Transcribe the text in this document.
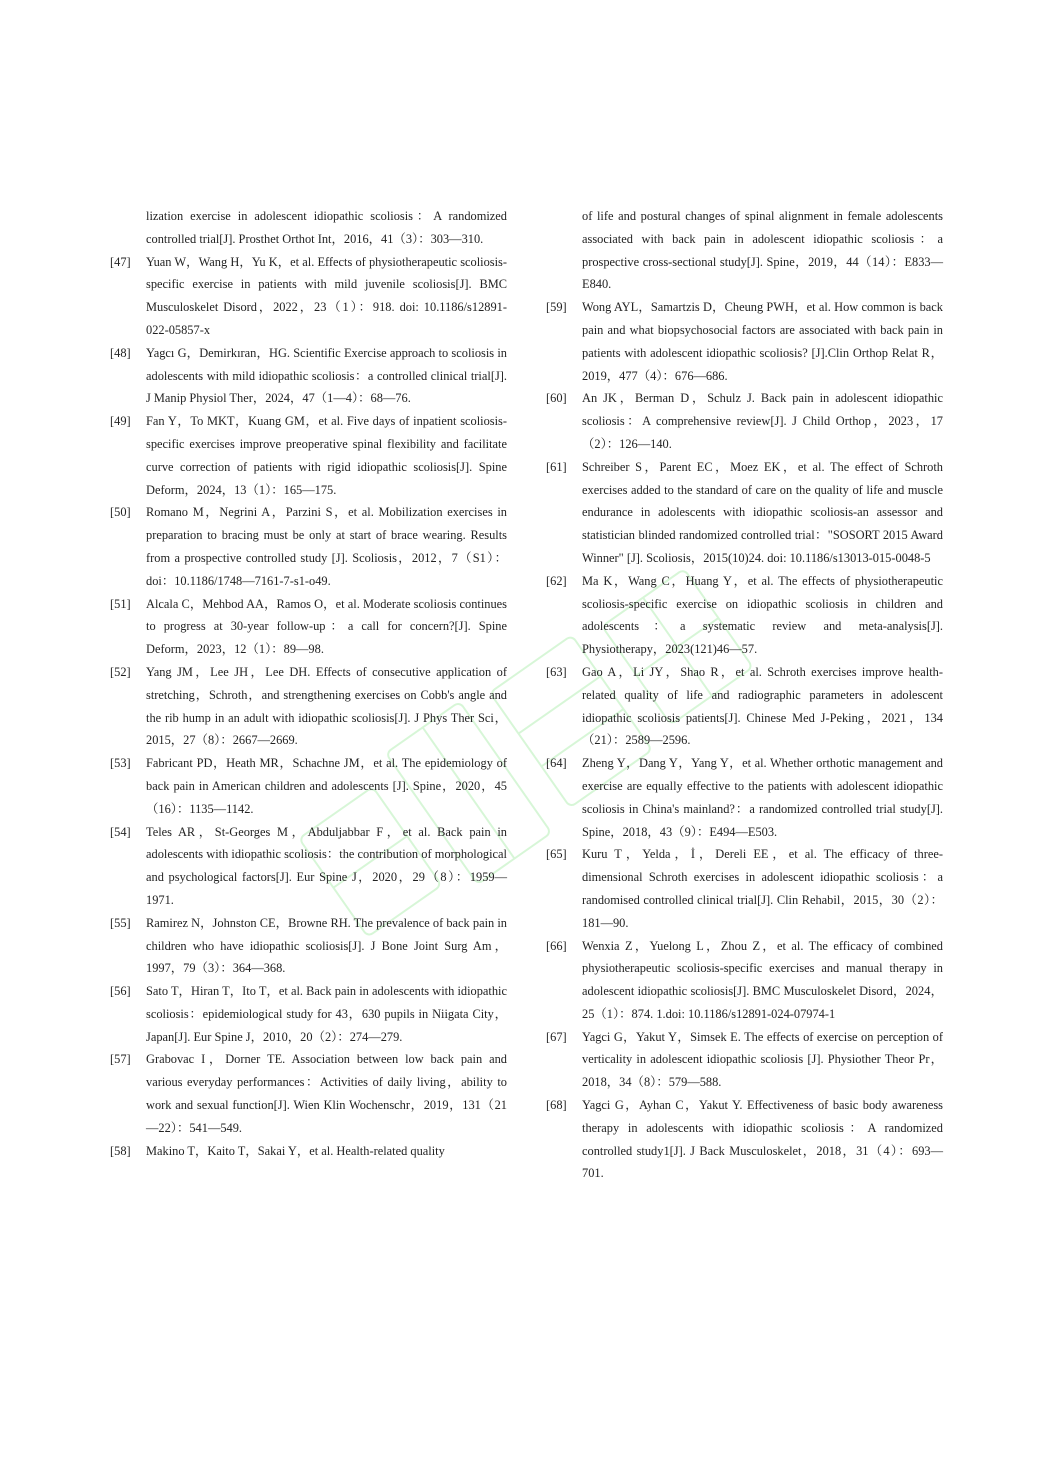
lization exercise in adolescent idiopathic scoliosis：A randomized controlled trial[J]. Prosthet Orthot Int，2016，41（3）：303—310.

[47] Yuan W，Wang H，Yu K，et al. Effects of physiotherapeutic scoliosis-specific exercise in patients with mild juvenile scoliosis[J]. BMC Musculoskelet Disord，2022，23（1）：918. doi: 10.1186/s12891-022-05857-x

[48] Yagcı G，Demirkıran，HG. Scientific Exercise approach to scoliosis in adolescents with mild idiopathic scoliosis：a controlled clinical trial[J]. J Manip Physiol Ther，2024，47（1—4）：68—76.

[49] Fan Y，To MKT，Kuang GM，et al. Five days of inpatient scoliosis-specific exercises improve preoperative spinal flexibility and facilitate curve correction of patients with rigid idiopathic scoliosis[J]. Spine Deform，2024，13（1）：165—175.

[50] Romano M，Negrini A，Parzini S，et al. Mobilization exercises in preparation to bracing must be only at start of brace wearing. Results from a prospective controlled study [J]. Scoliosis，2012，7（S1）：doi：10.1186/1748—7161-7-s1-o49.

[51] Alcala C，Mehbod AA，Ramos O，et al. Moderate scoliosis continues to progress at 30-year follow-up：a call for concern?[J]. Spine Deform，2023，12（1）：89—98.

[52] Yang JM，Lee JH，Lee DH. Effects of consecutive application of stretching，Schroth，and strengthening exercises on Cobb's angle and the rib hump in an adult with idiopathic scoliosis[J]. J Phys Ther Sci，2015，27（8）：2667—2669.

[53] Fabricant PD，Heath MR，Schachne JM，et al. The epidemiology of back pain in American children and adolescents [J]. Spine，2020，45（16）：1135—1142.

[54] Teles AR，St-Georges M，Abduljabbar F，et al. Back pain in adolescents with idiopathic scoliosis：the contribution of morphological and psychological factors[J]. Eur Spine J，2020，29（8）：1959—1971.

[55] Ramirez N，Johnston CE，Browne RH. The prevalence of back pain in children who have idiopathic scoliosis[J]. J Bone Joint Surg Am，1997，79（3）：364—368.

[56] Sato T，Hiran T，Ito T，et al. Back pain in adolescents with idiopathic scoliosis：epidemiological study for 43，630 pupils in Niigata City，Japan[J]. Eur Spine J，2010，20（2）：274—279.

[57] Grabovac I，Dorner TE. Association between low back pain and various everyday performances：Activities of daily living，ability to work and sexual function[J]. Wien Klin Wochenschr，2019，131（21—22）：541—549.

[58] Makino T，Kaito T，Sakai Y，et al. Health-related quality

of life and postural changes of spinal alignment in female adolescents associated with back pain in adolescent idiopathic scoliosis：a prospective cross-sectional study[J]. Spine，2019，44（14）：E833—E840.

[59] Wong AYL，Samartzis D，Cheung PWH，et al. How common is back pain and what biopsychosocial factors are associated with back pain in patients with adolescent idiopathic scoliosis? [J].Clin Orthop Relat R，2019，477（4）：676—686.

[60] An JK，Berman D，Schulz J. Back pain in adolescent idiopathic scoliosis：A comprehensive review[J]. J Child Orthop，2023，17（2）：126—140.

[61] Schreiber S，Parent EC，Moez EK，et al. The effect of Schroth exercises added to the standard of care on the quality of life and muscle endurance in adolescents with idiopathic scoliosis-an assessor and statistician blinded randomized controlled trial："SOSORT 2015 Award Winner" [J]. Scoliosis，2015(10)24. doi: 10.1186/s13013-015-0048-5

[62] Ma K，Wang C，Huang Y，et al. The effects of physiotherapeutic scoliosis-specific exercise on idiopathic scoliosis in children and adolescents：a systematic review and meta-analysis[J]. Physiotherapy，2023(121)46—57.

[63] Gao A，Li JY，Shao R，et al. Schroth exercises improve health-related quality of life and radiographic parameters in adolescent idiopathic scoliosis patients[J]. Chinese Med J-Peking，2021，134（21）：2589—2596.

[64] Zheng Y，Dang Y，Yang Y，et al. Whether orthotic management and exercise are equally effective to the patients with adolescent idiopathic scoliosis in China's mainland?：a randomized controlled trial study[J]. Spine，2018，43（9）：E494—E503.

[65] Kuru T，Yelda，İ，Dereli EE，et al. The efficacy of three-dimensional Schroth exercises in adolescent idiopathic scoliosis：a randomised controlled clinical trial[J]. Clin Rehabil，2015，30（2）：181—90.

[66] Wenxia Z，Yuelong L，Zhou Z，et al. The efficacy of combined physiotherapeutic scoliosis-specific exercises and manual therapy in adolescent idiopathic scoliosis[J]. BMC Musculoskelet Disord，2024，25（1）：874. 1.doi: 10.1186/s12891-024-07974-1

[67] Yagci G，Yakut Y，Simsek E. The effects of exercise on perception of verticality in adolescent idiopathic scoliosis [J]. Physiother Theor Pr，2018，34（8）：579—588.

[68] Yagci G，Ayhan C，Yakut Y. Effectiveness of basic body awareness therapy in adolescents with idiopathic scoliosis：A randomized controlled study1[J]. J Back Musculoskelet，2018，31（4）：693—701.
